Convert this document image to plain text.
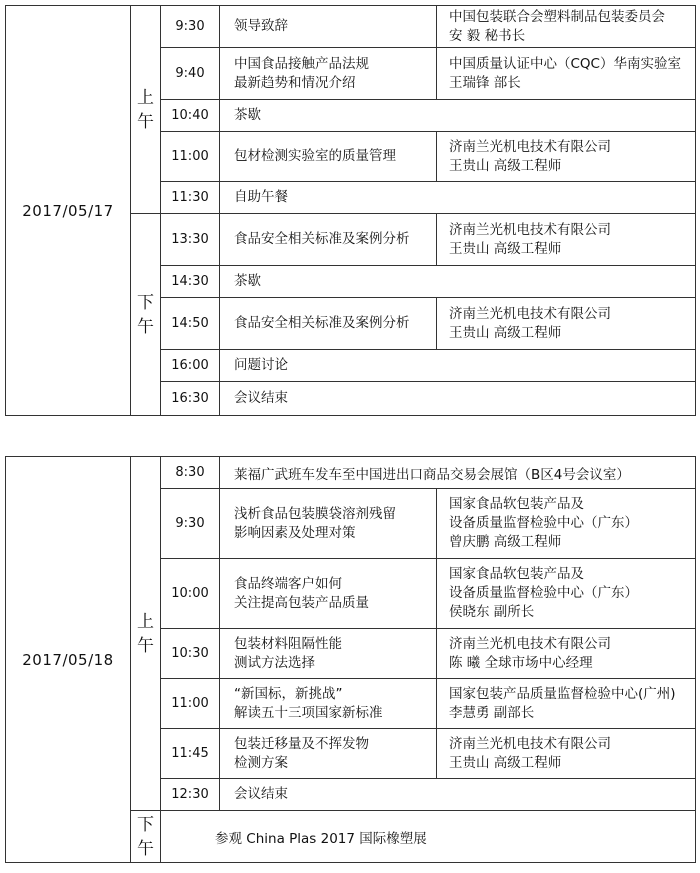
2017/05/17	上
午	9:30	领导致辞	中国包装联合会塑料制品包装委员会
安 毅 秘书长

		9:40	中国食品接触产品法规
最新趋势和情况介绍	中国质量认证中心（CQC）华南实验室
王瑞锋 部长

		10:40	茶歇	

		11:00	包材检测实验室的质量管理	济南兰光机电技术有限公司
王贵山 高级工程师

		11:30	自助午餐	

	下
午	13:30	食品安全相关标准及案例分析	济南兰光机电技术有限公司
王贵山 高级工程师

		14:30	茶歇	

		14:50	食品安全相关标准及案例分析	济南兰光机电技术有限公司
王贵山 高级工程师

		16:00	问题讨论	

		16:30	会议结束	
2017/05/18	上
午	8:30	莱福广武班车发车至中国进出口商品交易会展馆（B区4号会议室）	

		9:30	浅析食品包装膜袋溶剂残留
影响因素及处理对策	国家食品软包装产品及
设备质量监督检验中心（广东）
曾庆鹏 高级工程师

		10:00	食品终端客户如何
关注提高包装产品质量	国家食品软包装产品及
设备质量监督检验中心（广东）
侯晓东 副所长

		10:30	包装材料阻隔性能
测试方法选择	济南兰光机电技术有限公司
陈 曦 全球市场中心经理

		11:00	“新国标，新挑战”
解读五十三项国家新标准	国家包装产品质量监督检验中心(广州)
李慧勇 副部长

		11:45	包装迁移量及不挥发物
检测方案	济南兰光机电技术有限公司
王贵山 高级工程师

		12:30	会议结束	

	下
午	参观 China Plas 2017 国际橡塑展		
